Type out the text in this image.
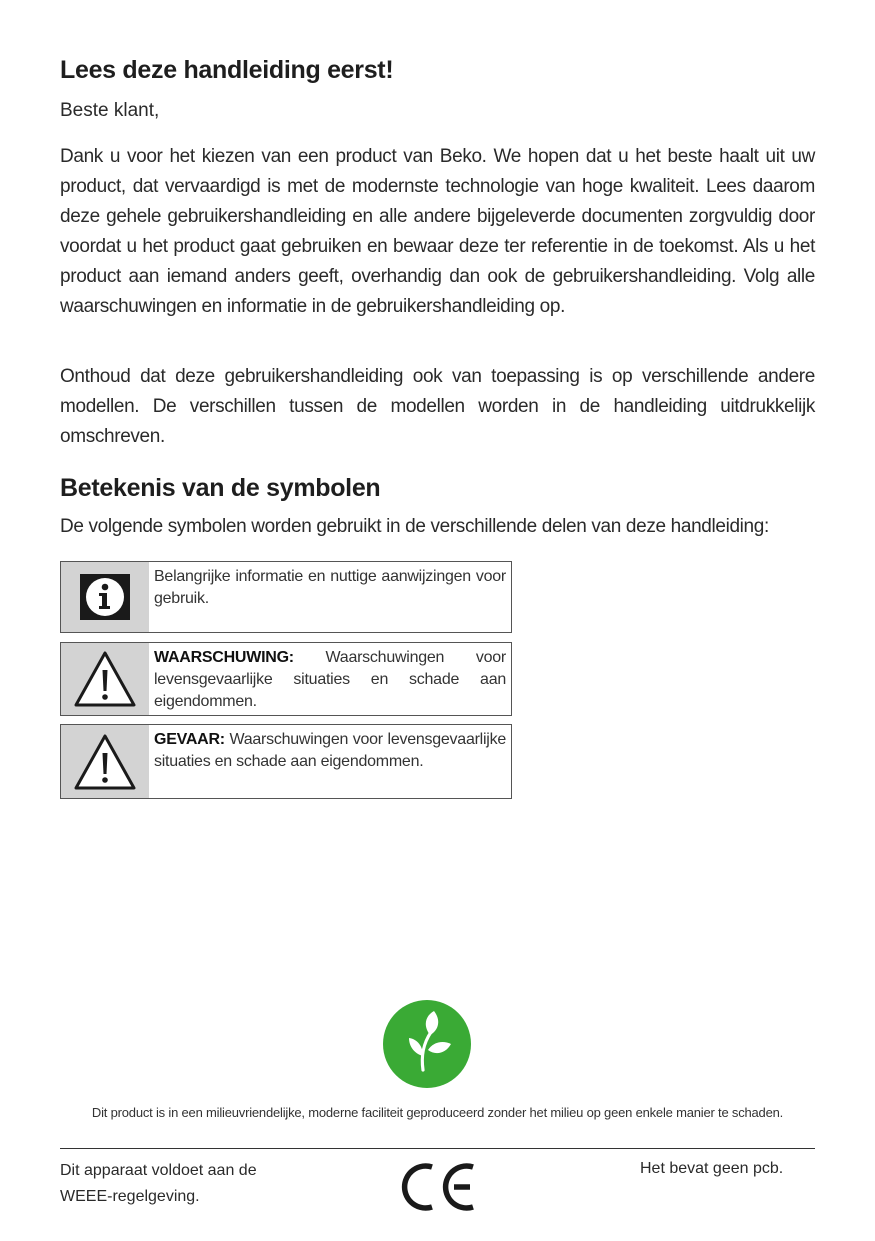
Lees deze handleiding eerst!
Beste klant,

Dank u voor het kiezen van een product van Beko. We hopen dat u het beste haalt uit uw product, dat vervaardigd is met de modernste technologie van hoge kwaliteit. Lees daarom deze gehele gebruikershandleiding en alle andere bijgeleverde documenten zorgvuldig door voordat u het product gaat gebruiken en bewaar deze ter referentie in de toekomst. Als u het product aan iemand anders geeft, overhandig dan ook de gebruikershandleiding. Volg alle waarschuwingen en informatie in de gebruikershandleiding op.

Onthoud dat deze gebruikershandleiding ook van toepassing is op verschillende andere modellen. De verschillen tussen de modellen worden in de handleiding uitdrukkelijk omschreven.

Betekenis van de symbolen
De volgende symbolen worden gebruikt in de verschillende delen van deze handleiding:
Belangrijke informatie en nuttige aanwijzingen voor gebruik.
WAARSCHUWING: Waarschuwingen voor levensgevaarlijke situaties en schade aan eigendommen.
GEVAAR: Waarschuwingen voor levensgevaarlijke situaties en schade aan eigendommen.
Dit product is in een milieuvriendelijke, moderne faciliteit geproduceerd zonder het milieu op geen enkele manier te schaden.
Dit apparaat voldoet aan de
WEEE-regelgeving.
Het bevat geen pcb.
